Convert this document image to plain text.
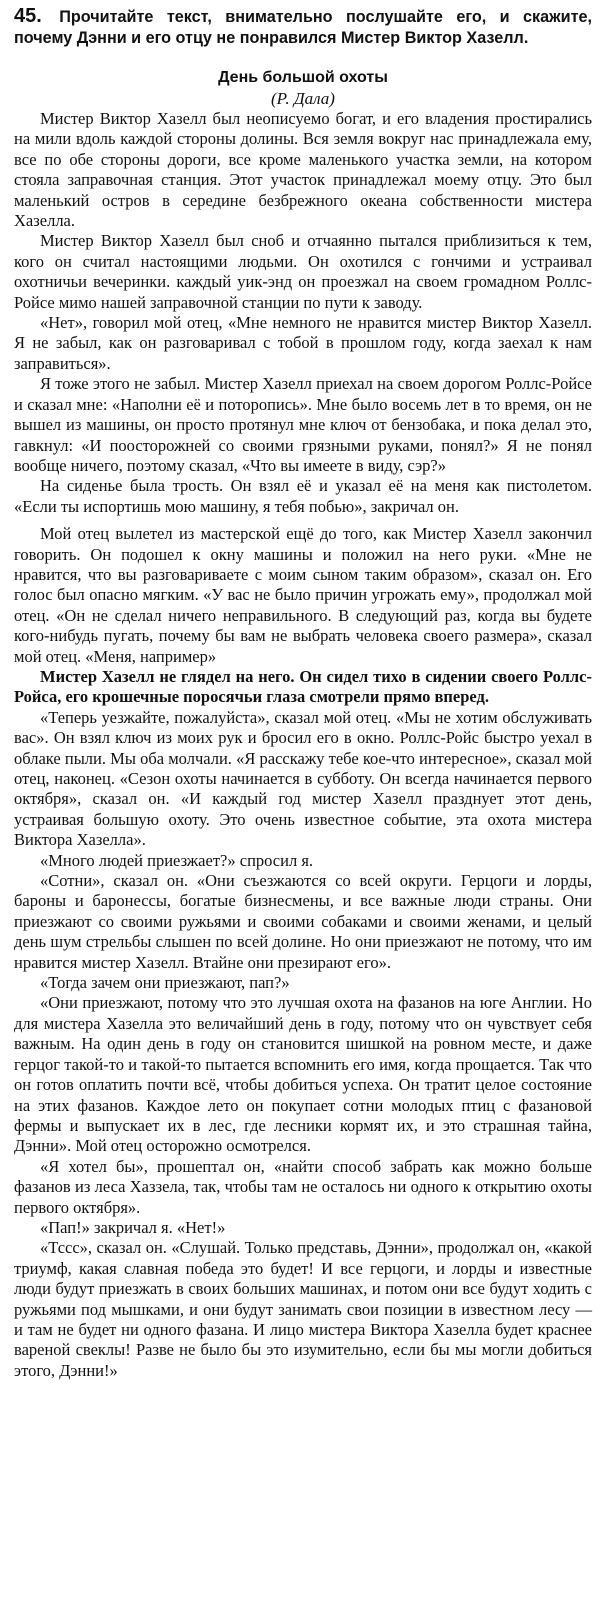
45. Прочитайте текст, внимательно послушайте его, и скажите, почему Дэнни и его отцу не понравился Мистер Виктор Хазелл.

День большой охоты

(Р. Дала)

Мистер Виктор Хазелл был неописуемо богат, и его владения простирались на мили вдоль каждой стороны долины. Вся земля вокруг нас принадлежала ему, все по обе стороны дороги, все кроме маленького участка земли, на котором стояла заправочная станция. Этот участок принадлежал моему отцу. Это был маленький остров в середине безбрежного океана собственности мистера Хазелла.

Мистер Виктор Хазелл был сноб и отчаянно пытался приблизиться к тем, кого он считал настоящими людьми. Он охотился с гончими и устраивал охотничьи вечеринки. каждый уик-энд он проезжал на своем громадном Роллс-Ройсе мимо нашей заправочной станции по пути к заводу.

«Нет», говорил мой отец, «Мне немного не нравится мистер Виктор Хазелл. Я не забыл, как он разговаривал с тобой в прошлом году, когда заехал к нам заправиться».

Я тоже этого не забыл. Мистер Хазелл приехал на своем дорогом Роллс-Ройсе и сказал мне: «Наполни её и поторопись». Мне было восемь лет в то время, он не вышел из машины, он просто протянул мне ключ от бензобака, и пока делал это, гавкнул: «И поосторожней со своими грязными руками, понял?» Я не понял вообще ничего, поэтому сказал, «Что вы имеете в виду, сэр?»

На сиденье была трость. Он взял её и указал её на меня как пистолетом. «Если ты испортишь мою машину, я тебя побью», закричал он.

Мой отец вылетел из мастерской ещё до того, как Мистер Хазелл закончил говорить. Он подошел к окну машины и положил на него руки. «Мне не нравится, что вы разговариваете с моим сыном таким образом», сказал он. Его голос был опасно мягким. «У вас не было причин угрожать ему», продолжал мой отец. «Он не сделал ничего неправильного. В следующий раз, когда вы будете кого-нибудь пугать, почему бы вам не выбрать человека своего размера», сказал мой отец. «Меня, например»

Мистер Хазелл не глядел на него. Он сидел тихо в сидении своего Роллс-Ройса, его крошечные поросячьи глаза смотрели прямо вперед.

«Теперь уезжайте, пожалуйста», сказал мой отец. «Мы не хотим обслуживать вас». Он взял ключ из моих рук и бросил его в окно. Роллс-Ройс быстро уехал в облаке пыли. Мы оба молчали. «Я расскажу тебе кое-что интересное», сказал мой отец, наконец. «Сезон охоты начинается в субботу. Он всегда начинается первого октября», сказал он. «И каждый год мистер Хазелл празднует этот день, устраивая большую охоту. Это очень известное событие, эта охота мистера Виктора Хазелла».

«Много людей приезжает?» спросил я.

«Сотни», сказал он. «Они съезжаются со всей округи. Герцоги и лорды, бароны и баронессы, богатые бизнесмены, и все важные люди страны. Они приезжают со своими ружьями и своими собаками и своими женами, и целый день шум стрельбы слышен по всей долине. Но они приезжают не потому, что им нравится мистер Хазелл. Втайне они презирают его».

«Тогда зачем они приезжают, пап?»

«Они приезжают, потому что это лучшая охота на фазанов на юге Англии. Но для мистера Хазелла это величайший день в году, потому что он чувствует себя важным. На один день в году он становится шишкой на ровном месте, и даже герцог такой-то и такой-то пытается вспомнить его имя, когда прощается. Так что он готов оплатить почти всё, чтобы добиться успеха. Он тратит целое состояние на этих фазанов. Каждое лето он покупает сотни молодых птиц с фазановой фермы и выпускает их в лес, где лесники кормят их, и это страшная тайна, Дэнни». Мой отец осторожно осмотрелся.

«Я хотел бы», прошептал он, «найти способ забрать как можно больше фазанов из леса Хаззела, так, чтобы там не осталось ни одного к открытию охоты первого октября».

«Пап!» закричал я. «Нет!»

«Тссс», сказал он. «Слушай. Только представь, Дэнни», продолжал он, «какой триумф, какая славная победа это будет! И все герцоги, и лорды и известные люди будут приезжать в своих больших машинах, и потом они все будут ходить с ружьями под мышками, и они будут занимать свои позиции в известном лесу — и там не будет ни одного фазана. И лицо мистера Виктора Хазелла будет краснее вареной свеклы! Разве не было бы это изумительно, если бы мы могли добиться этого, Дэнни!»
